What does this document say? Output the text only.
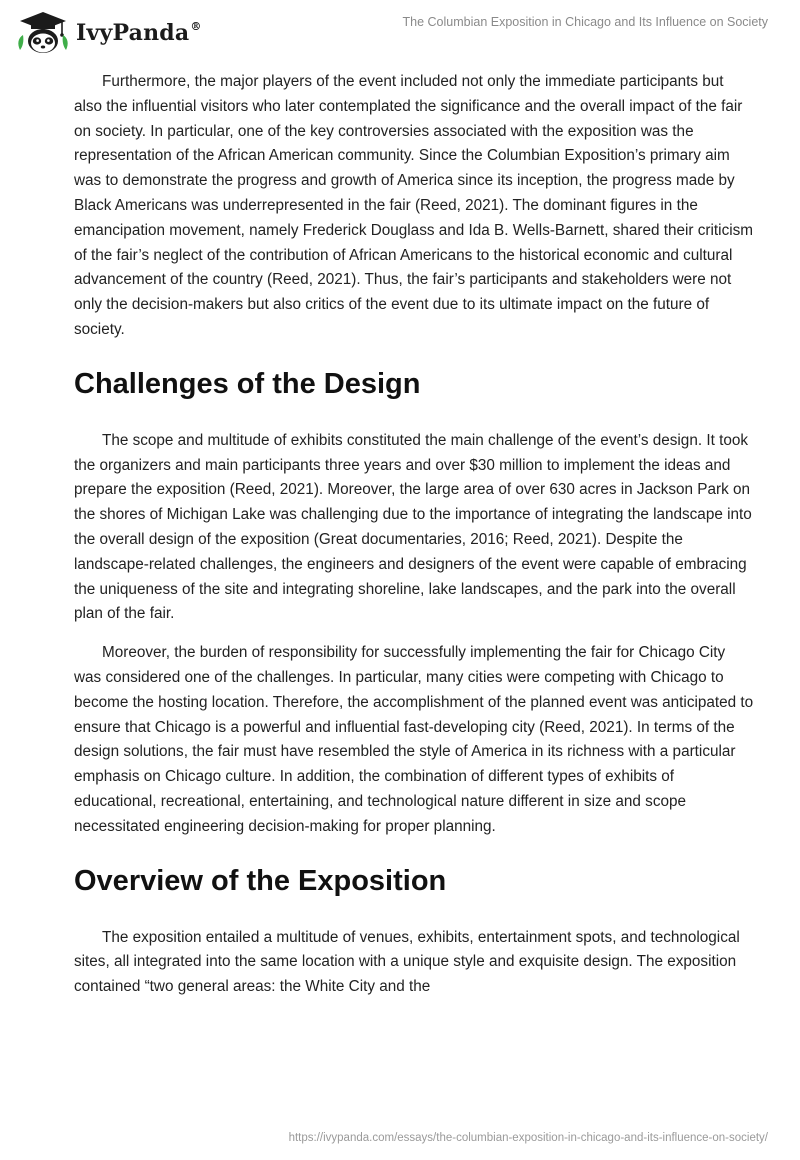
IvyPanda®	The Columbian Exposition in Chicago and Its Influence on Society

Furthermore, the major players of the event included not only the immediate participants but also the influential visitors who later contemplated the significance and the overall impact of the fair on society. In particular, one of the key controversies associated with the exposition was the representation of the African American community. Since the Columbian Exposition’s primary aim was to demonstrate the progress and growth of America since its inception, the progress made by Black Americans was underrepresented in the fair (Reed, 2021). The dominant figures in the emancipation movement, namely Frederick Douglass and Ida B. Wells-Barnett, shared their criticism of the fair’s neglect of the contribution of African Americans to the historical economic and cultural advancement of the country (Reed, 2021). Thus, the fair’s participants and stakeholders were not only the decision-makers but also critics of the event due to its ultimate impact on the future of society.

Challenges of the Design

The scope and multitude of exhibits constituted the main challenge of the event’s design. It took the organizers and main participants three years and over $30 million to implement the ideas and prepare the exposition (Reed, 2021). Moreover, the large area of over 630 acres in Jackson Park on the shores of Michigan Lake was challenging due to the importance of integrating the landscape into the overall design of the exposition (Great documentaries, 2016; Reed, 2021). Despite the landscape-related challenges, the engineers and designers of the event were capable of embracing the uniqueness of the site and integrating shoreline, lake landscapes, and the park into the overall plan of the fair.

Moreover, the burden of responsibility for successfully implementing the fair for Chicago City was considered one of the challenges. In particular, many cities were competing with Chicago to become the hosting location. Therefore, the accomplishment of the planned event was anticipated to ensure that Chicago is a powerful and influential fast-developing city (Reed, 2021). In terms of the design solutions, the fair must have resembled the style of America in its richness with a particular emphasis on Chicago culture. In addition, the combination of different types of exhibits of educational, recreational, entertaining, and technological nature different in size and scope necessitated engineering decision-making for proper planning.

Overview of the Exposition

The exposition entailed a multitude of venues, exhibits, entertainment spots, and technological sites, all integrated into the same location with a unique style and exquisite design. The exposition contained “two general areas: the White City and the

https://ivypanda.com/essays/the-columbian-exposition-in-chicago-and-its-influence-on-society/
